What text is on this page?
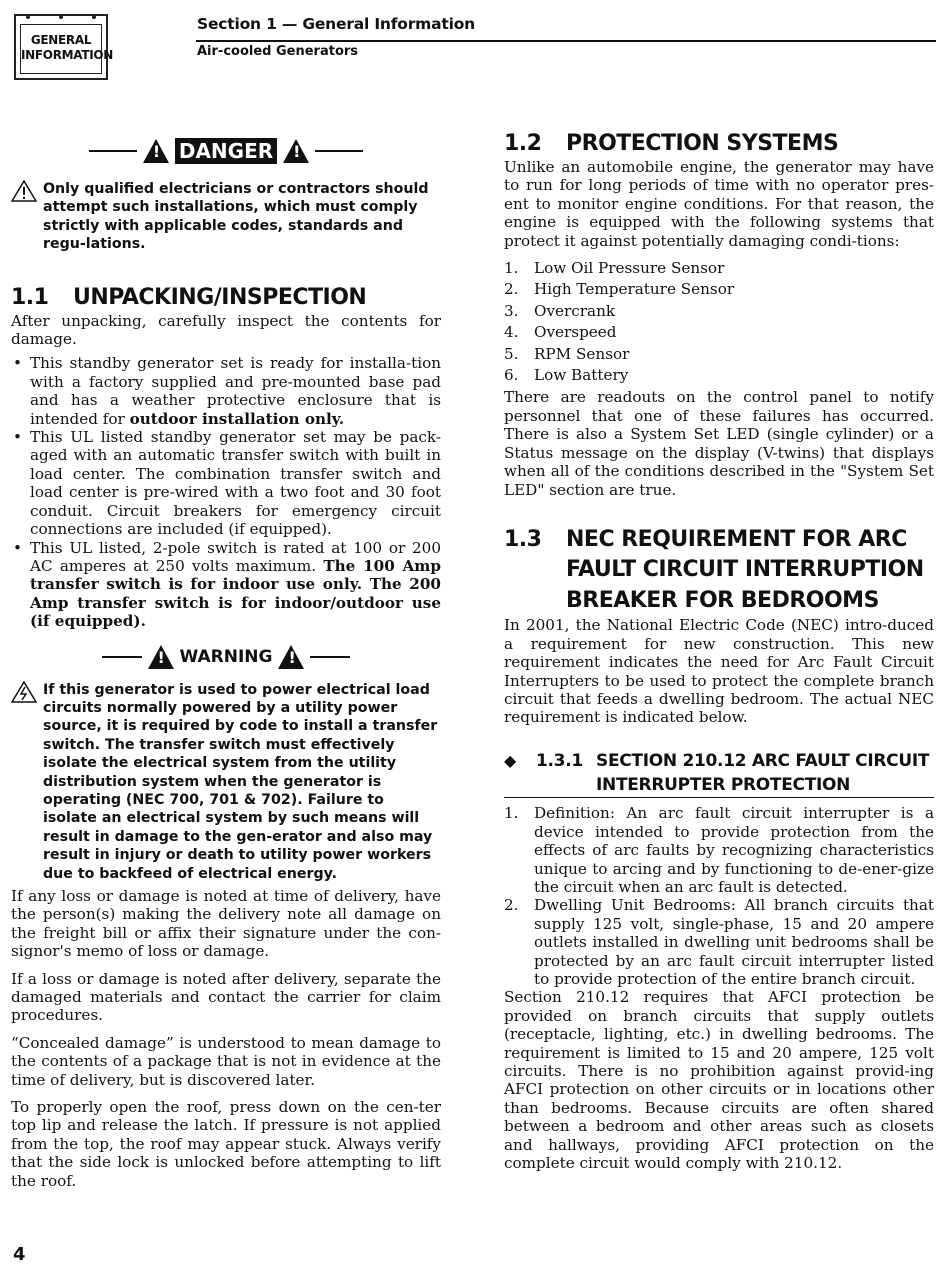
GENERAL
INFORMATION
Section 1 — General Information
Air-cooled Generators
!
DANGER
!
Only qualified electricians or contractors should attempt such installations, which must comply strictly with applicable codes, standards and regu-lations.
1.1 UNPACKING/INSPECTION

After unpacking, carefully inspect the contents for damage.

• This standby generator set is ready for installa-tion with a factory supplied and pre-mounted base pad and has a weather protective enclosure that is intended for outdoor installation only.
• This UL listed standby generator set may be pack-aged with an automatic transfer switch with built in load center. The combination transfer switch and load center is pre-wired with a two foot and 30 foot conduit. Circuit breakers for emergency circuit connections are included (if equipped).
• This UL listed, 2-pole switch is rated at 100 or 200 AC amperes at 250 volts maximum. The 100 Amp transfer switch is for indoor use only. The 200 Amp transfer switch is for indoor/outdoor use (if equipped).
!
WARNING
!
If this generator is used to power electrical load circuits normally powered by a utility power source, it is required by code to install a transfer switch. The transfer switch must effectively isolate the electrical system from the utility distribution system when the generator is operating (NEC 700, 701 & 702). Failure to isolate an electrical system by such means will result in damage to the gen-erator and also may result in injury or death to utility power workers due to backfeed of electrical energy.

If any loss or damage is noted at time of delivery, have the person(s) making the delivery note all damage on the freight bill or affix their signature under the con-signor's memo of loss or damage.

If a loss or damage is noted after delivery, separate the damaged materials and contact the carrier for claim procedures.

“Concealed damage” is understood to mean damage to the contents of a package that is not in evidence at the time of delivery, but is discovered later.

To properly open the roof, press down on the cen-ter top lip and release the latch. If pressure is not applied from the top, the roof may appear stuck. Always verify that the side lock is unlocked before attempting to lift the roof.

1.2 PROTECTION SYSTEMS

Unlike an automobile engine, the generator may have to run for long periods of time with no operator pres-ent to monitor engine conditions. For that reason, the engine is equipped with the following systems that protect it against potentially damaging condi-tions:

1.	Low Oil Pressure Sensor
2.	High Temperature Sensor
3.	Overcrank
4.	Overspeed
5.	RPM Sensor
6.	Low Battery

There are readouts on the control panel to notify personnel that one of these failures has occurred. There is also a System Set LED (single cylinder) or a Status message on the display (V-twins) that displays when all of the conditions described in the "System Set LED" section are true.

1.3	NEC REQUIREMENT FOR ARC FAULT CIRCUIT INTERRUPTION BREAKER FOR BEDROOMS

In 2001, the National Electric Code (NEC) intro-duced a requirement for new construction. This new requirement indicates the need for Arc Fault Circuit Interrupters to be used to protect the complete branch circuit that feeds a dwelling bedroom. The actual NEC requirement is indicated below.

◆	1.3.1 SECTION 210.12 ARC FAULT CIRCUIT INTERRUPTER PROTECTION
1.	Definition: An arc fault circuit interrupter is a device intended to provide protection from the effects of arc faults by recognizing characteristics unique to arcing and by functioning to de-ener-gize the circuit when an arc fault is detected.
2.	Dwelling Unit Bedrooms: All branch circuits that supply 125 volt, single-phase, 15 and 20 ampere outlets installed in dwelling unit bedrooms shall be protected by an arc fault circuit interrupter listed to provide protection of the entire branch circuit.

Section 210.12 requires that AFCI protection be provided on branch circuits that supply outlets (receptacle, lighting, etc.) in dwelling bedrooms. The requirement is limited to 15 and 20 ampere, 125 volt circuits. There is no prohibition against provid-ing AFCI protection on other circuits or in locations other than bedrooms. Because circuits are often shared between a bedroom and other areas such as closets and hallways, providing AFCI protection on the complete circuit would comply with 210.12.

4
